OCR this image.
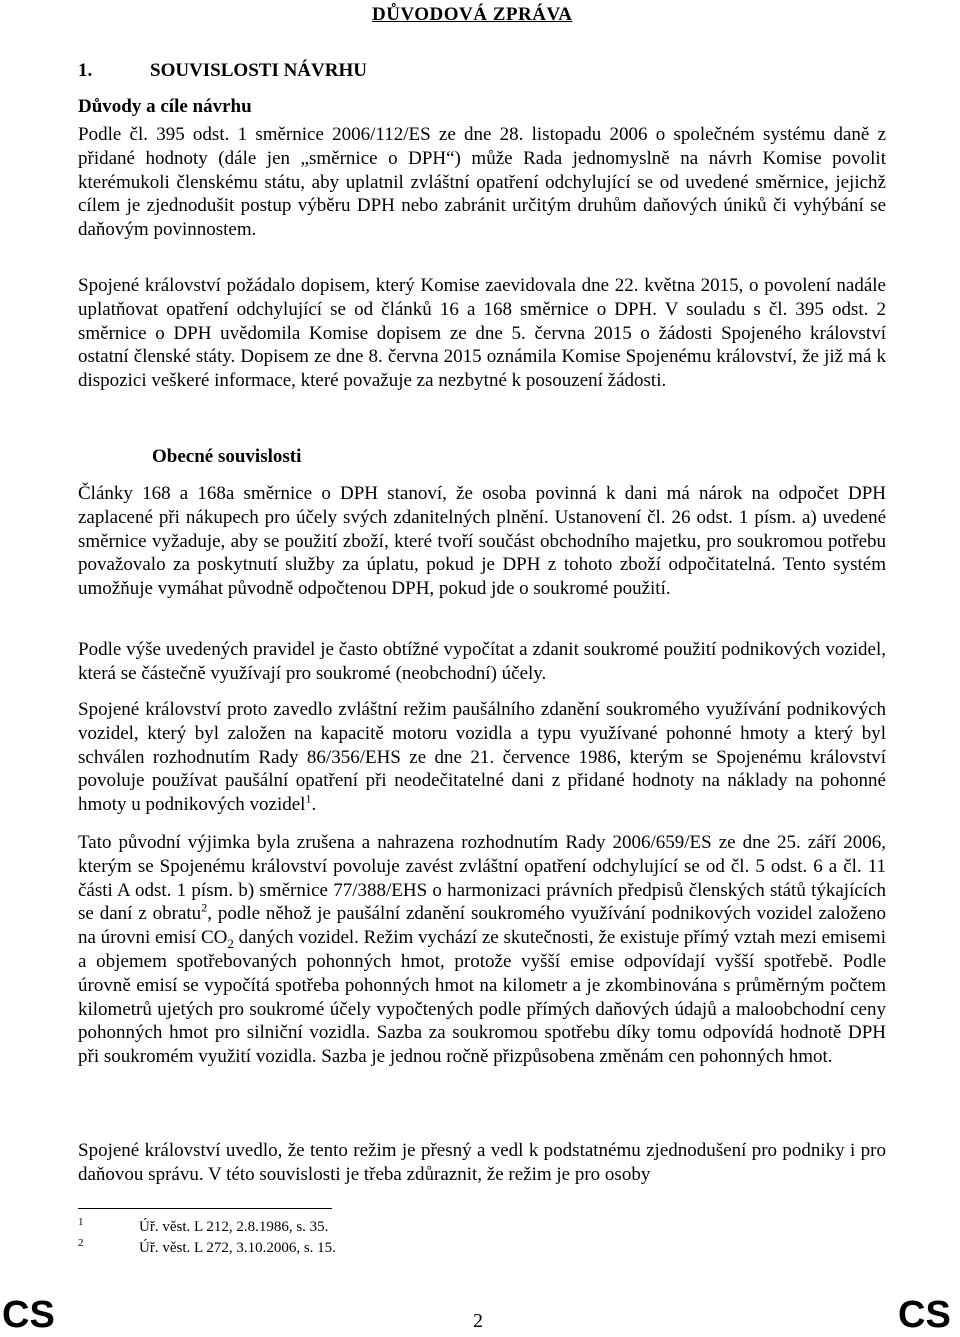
DŮVODOVÁ ZPRÁVA
1.	SOUVISLOSTI NÁVRHU
Důvody a cíle návrhu

Podle čl. 395 odst. 1 směrnice 2006/112/ES ze dne 28. listopadu 2006 o společném systému daně z přidané hodnoty (dále jen „směrnice o DPH“) může Rada jednomyslně na návrh Komise povolit kterémukoli členskému státu, aby uplatnil zvláštní opatření odchylující se od uvedené směrnice, jejichž cílem je zjednodušit postup výběru DPH nebo zabránit určitým druhům daňových úniků či vyhýbání se daňovým povinnostem.

Spojené království požádalo dopisem, který Komise zaevidovala dne 22. května 2015, o povolení nadále uplatňovat opatření odchylující se od článků 16 a 168 směrnice o DPH. V souladu s čl. 395 odst. 2 směrnice o DPH uvědomila Komise dopisem ze dne 5. června 2015 o žádosti Spojeného království ostatní členské státy. Dopisem ze dne 8. června 2015 oznámila Komise Spojenému království, že již má k dispozici veškeré informace, které považuje za nezbytné k posouzení žádosti.

Obecné souvislosti

Články 168 a 168a směrnice o DPH stanoví, že osoba povinná k dani má nárok na odpočet DPH zaplacené při nákupech pro účely svých zdanitelných plnění. Ustanovení čl. 26 odst. 1 písm. a) uvedené směrnice vyžaduje, aby se použití zboží, které tvoří součást obchodního majetku, pro soukromou potřebu považovalo za poskytnutí služby za úplatu, pokud je DPH z tohoto zboží odpočitatelná. Tento systém umožňuje vymáhat původně odpočtenou DPH, pokud jde o soukromé použití.

Podle výše uvedených pravidel je často obtížné vypočítat a zdanit soukromé použití podnikových vozidel, která se částečně využívají pro soukromé (neobchodní) účely.

Spojené království proto zavedlo zvláštní režim paušálního zdanění soukromého využívání podnikových vozidel, který byl založen na kapacitě motoru vozidla a typu využívané pohonné hmoty a který byl schválen rozhodnutím Rady 86/356/EHS ze dne 21. července 1986, kterým se Spojenému království povoluje používat paušální opatření při neodečitatelné dani z přidané hodnoty na náklady na pohonné hmoty u podnikových vozidel$^1$.

Tato původní výjimka byla zrušena a nahrazena rozhodnutím Rady 2006/659/ES ze dne 25. září 2006, kterým se Spojenému království povoluje zavést zvláštní opatření odchylující se od čl. 5 odst. 6 a čl. 11 části A odst. 1 písm. b) směrnice 77/388/EHS o harmonizaci právních předpisů členských států týkajících se daní z obratu$^2$, podle něhož je paušální zdanění soukromého využívání podnikových vozidel založeno na úrovni emisí $CO_2$ daných vozidel. Režim vychází ze skutečnosti, že existuje přímý vztah mezi emisemi a objemem spotřebovaných pohonných hmot, protože vyšší emise odpovídají vyšší spotřebě. Podle úrovně emisí se vypočítá spotřeba pohonných hmot na kilometr a je zkombinována s průměrným počtem kilometrů ujetých pro soukromé účely vypočtených podle přímých daňových údajů a maloobchodní ceny pohonných hmot pro silniční vozidla. Sazba za soukromou spotřebu díky tomu odpovídá hodnotě DPH při soukromém využití vozidla. Sazba je jednou ročně přizpůsobena změnám cen pohonných hmot.

Spojené království uvedlo, že tento režim je přesný a vedl k podstatnému zjednodušení pro podniky i pro daňovou správu. V této souvislosti je třeba zdůraznit, že režim je pro osoby

1	Úř. věst. L 212, 2.8.1986, s. 35.
2	Úř. věst. L 272, 3.10.2006, s. 15.
CS	2	CS
